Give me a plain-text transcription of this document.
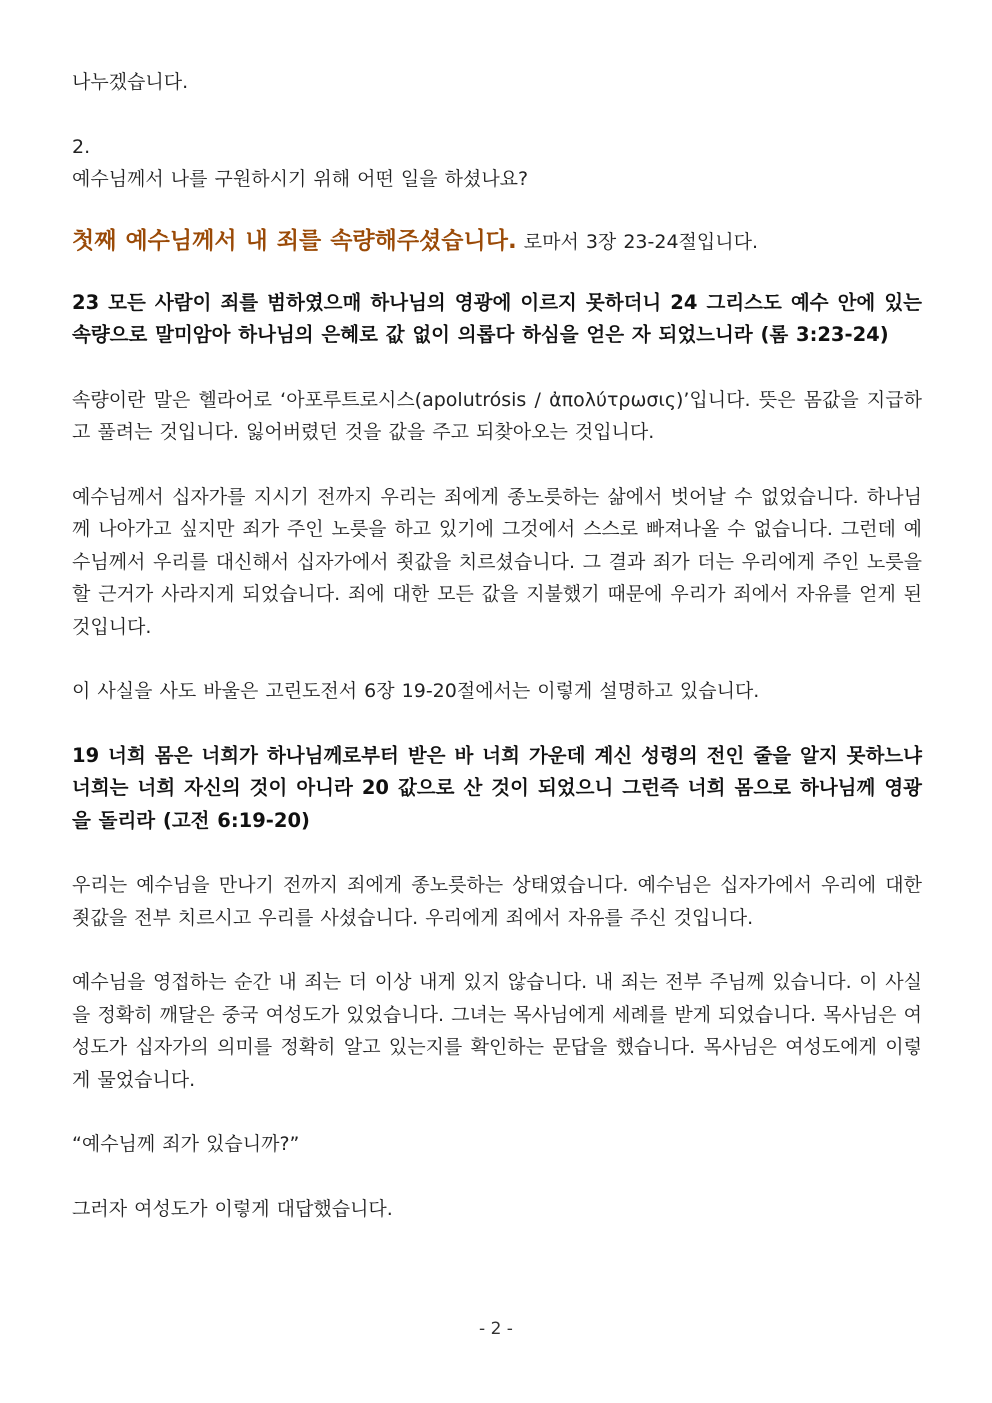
나누겠습니다.

2.

예수님께서 나를 구원하시기 위해 어떤 일을 하셨나요?

첫째 예수님께서 내 죄를 속량해주셨습니다. 로마서 3장 23-24절입니다.

23 모든 사람이 죄를 범하였으매 하나님의 영광에 이르지 못하더니 24 그리스도 예수 안에 있는 속량으로 말미암아 하나님의 은혜로 값 없이 의롭다 하심을 얻은 자 되었느니라 (롬 3:23-24)

속량이란 말은 헬라어로 ‘아포루트로시스(apolutrósis / ἀπολύτρωσις)’입니다. 뜻은 몸값을 지급하고 풀려는 것입니다. 잃어버렸던 것을 값을 주고 되찾아오는 것입니다.

예수님께서 십자가를 지시기 전까지 우리는 죄에게 종노릇하는 삶에서 벗어날 수 없었습니다. 하나님께 나아가고 싶지만 죄가 주인 노릇을 하고 있기에 그것에서 스스로 빠져나올 수 없습니다. 그런데 예수님께서 우리를 대신해서 십자가에서 죗값을 치르셨습니다. 그 결과 죄가 더는 우리에게 주인 노릇을 할 근거가 사라지게 되었습니다. 죄에 대한 모든 값을 지불했기 때문에 우리가 죄에서 자유를 얻게 된 것입니다.

이 사실을 사도 바울은 고린도전서 6장 19-20절에서는 이렇게 설명하고 있습니다.

19 너희 몸은 너희가 하나님께로부터 받은 바 너희 가운데 계신 성령의 전인 줄을 알지 못하느냐 너희는 너희 자신의 것이 아니라 20 값으로 산 것이 되었으니 그런즉 너희 몸으로 하나님께 영광을 돌리라 (고전 6:19-20)

우리는 예수님을 만나기 전까지 죄에게 종노릇하는 상태였습니다. 예수님은 십자가에서 우리에 대한 죗값을 전부 치르시고 우리를 사셨습니다. 우리에게 죄에서 자유를 주신 것입니다.

예수님을 영접하는 순간 내 죄는 더 이상 내게 있지 않습니다. 내 죄는 전부 주님께 있습니다. 이 사실을 정확히 깨달은 중국 여성도가 있었습니다. 그녀는 목사님에게 세례를 받게 되었습니다. 목사님은 여성도가 십자가의 의미를 정확히 알고 있는지를 확인하는 문답을 했습니다. 목사님은 여성도에게 이렇게 물었습니다.

“예수님께 죄가 있습니까?”

그러자 여성도가 이렇게 대답했습니다.

- 2 -
